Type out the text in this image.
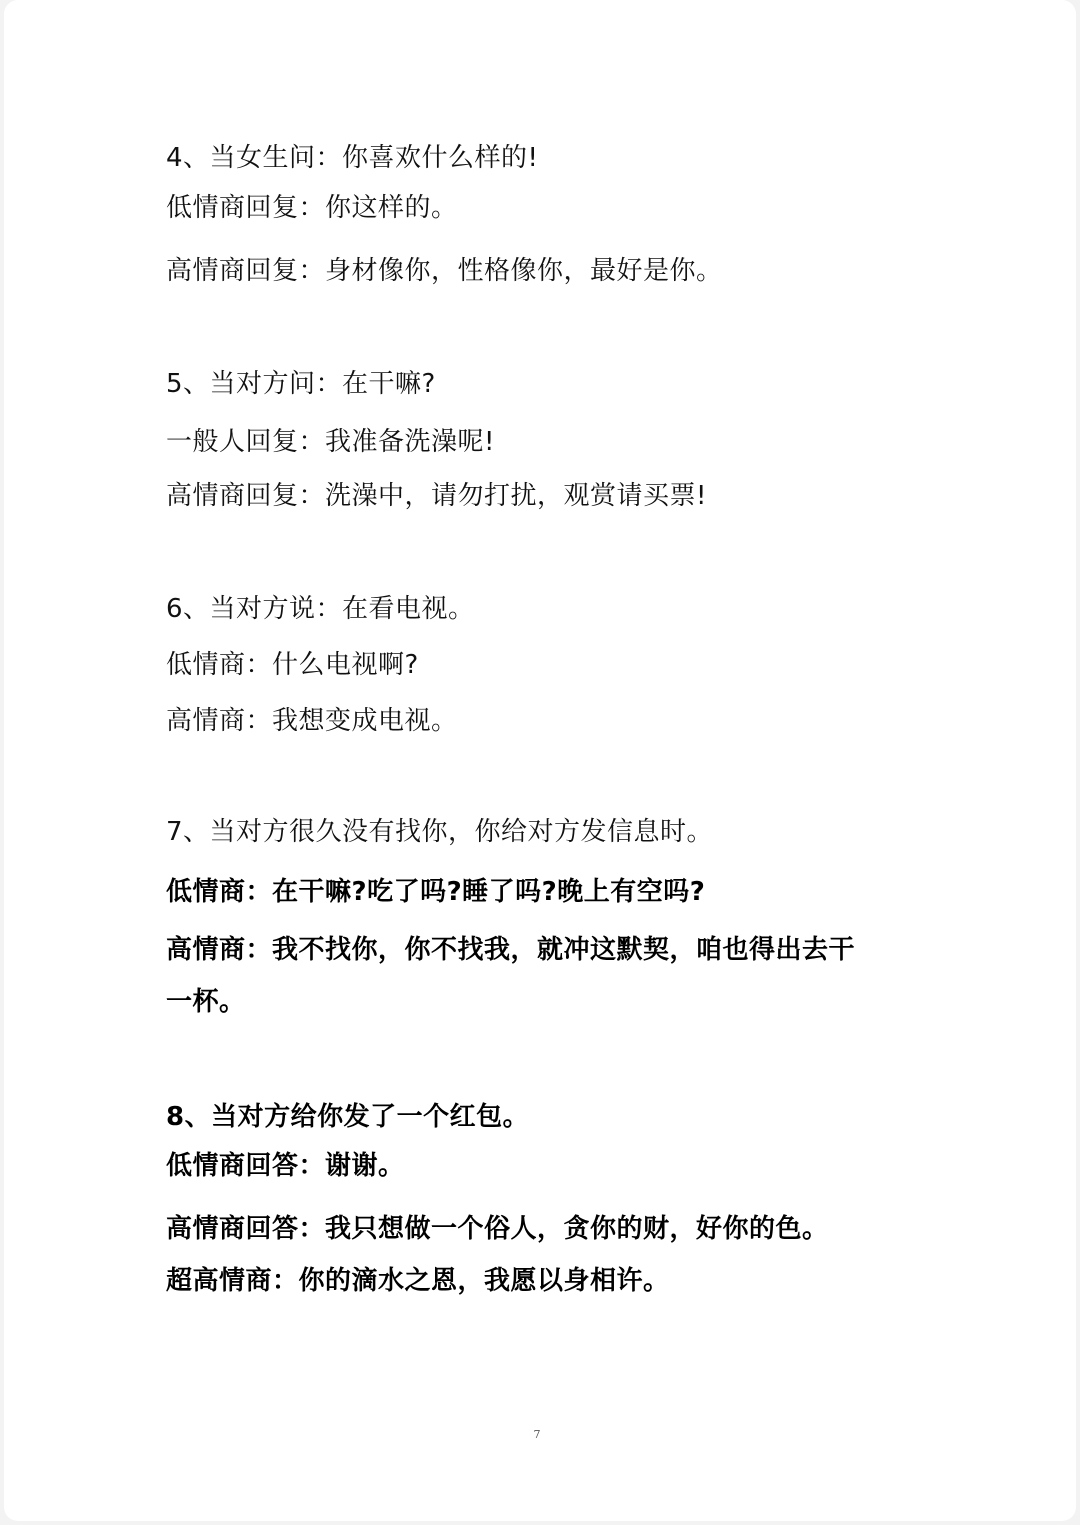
4、当女生问：你喜欢什么样的!
低情商回复：你这样的。
高情商回复：身材像你，性格像你，最好是你。
5、当对方问：在干嘛?
一般人回复：我准备洗澡呢!
高情商回复：洗澡中，请勿打扰，观赏请买票!
6、当对方说：在看电视。
低情商：什么电视啊?
高情商：我想变成电视。
7、当对方很久没有找你，你给对方发信息时。
低情商：在干嘛?吃了吗?睡了吗?晚上有空吗?
高情商：我不找你，你不找我，就冲这默契，咱也得出去干
一杯。
8、当对方给你发了一个红包。
低情商回答：谢谢。
高情商回答：我只想做一个俗人，贪你的财，好你的色。
超高情商：你的滴水之恩，我愿以身相许。
7
